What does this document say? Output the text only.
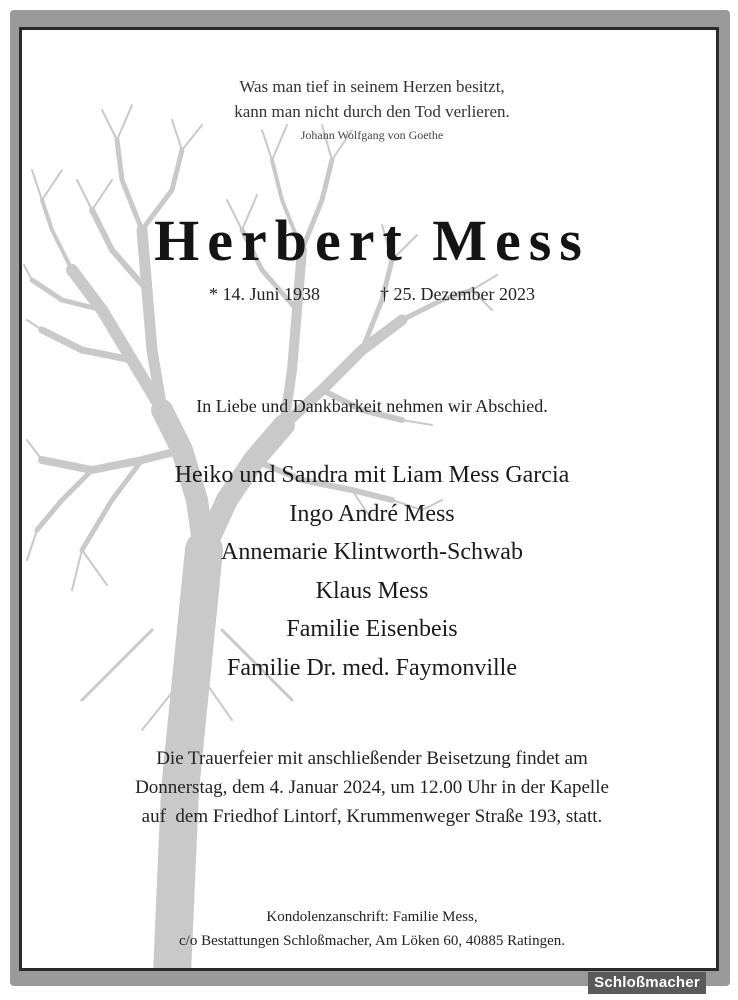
Was man tief in seinem Herzen besitzt,
kann man nicht durch den Tod verlieren.
Johann Wolfgang von Goethe
Herbert Mess
* 14. Juni 1938	† 25. Dezember 2023
In Liebe und Dankbarkeit nehmen wir Abschied.
Heiko und Sandra mit Liam Mess Garcia
Ingo André Mess
Annemarie Klintworth-Schwab
Klaus Mess
Familie Eisenbeis
Familie Dr. med. Faymonville
Die Trauerfeier mit anschließender Beisetzung findet am
Donnerstag, dem 4. Januar 2024, um 12.00 Uhr in der Kapelle
auf  dem Friedhof Lintorf, Krummenweger Straße 193, statt.
Kondolenzanschrift: Familie Mess,
c/o Bestattungen Schloßmacher, Am Löken 60, 40885 Ratingen.
Schloßmacher
